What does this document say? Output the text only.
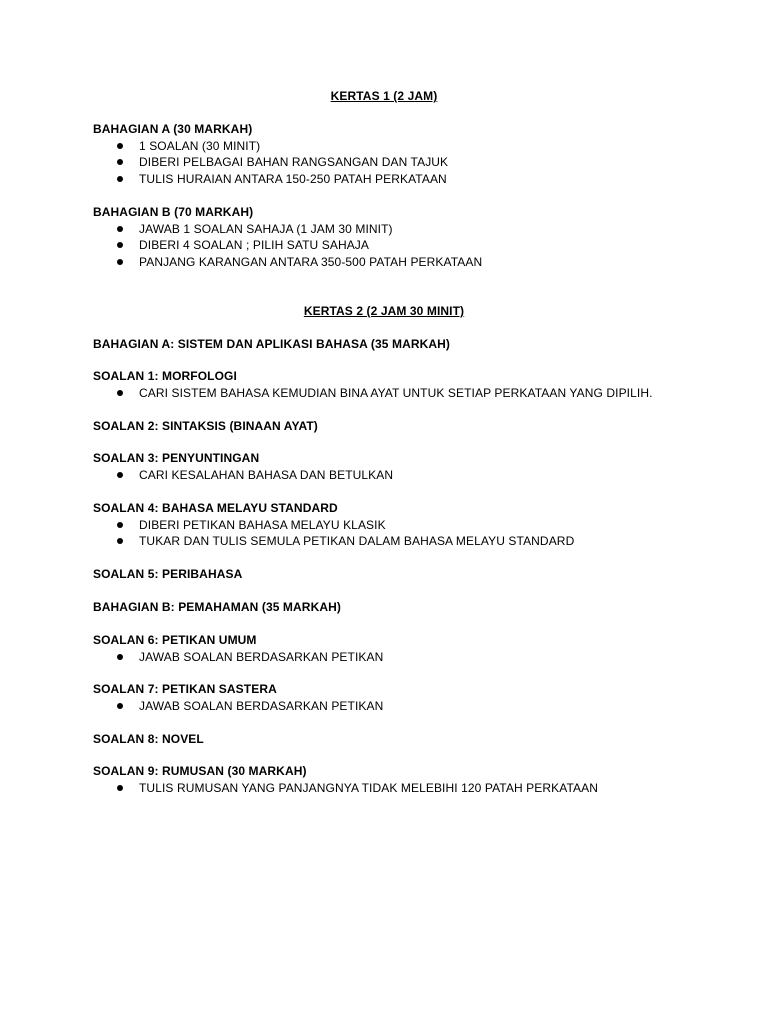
KERTAS 1 (2 JAM)

BAHAGIAN A (30 MARKAH)

1 SOALAN (30 MINIT)
DIBERI PELBAGAI BAHAN RANGSANGAN DAN TAJUK
TULIS HURAIAN ANTARA 150-250 PATAH PERKATAAN

BAHAGIAN B (70 MARKAH)

JAWAB 1 SOALAN SAHAJA (1 JAM 30 MINIT)
DIBERI 4 SOALAN ; PILIH SATU SAHAJA
PANJANG KARANGAN ANTARA 350-500 PATAH PERKATAAN
KERTAS 2 (2 JAM 30 MINIT)

BAHAGIAN A: SISTEM DAN APLIKASI BAHASA (35 MARKAH)

SOALAN 1: MORFOLOGI

CARI SISTEM BAHASA KEMUDIAN BINA AYAT UNTUK SETIAP PERKATAAN YANG DIPILIH.

SOALAN 2: SINTAKSIS (BINAAN AYAT)

SOALAN 3: PENYUNTINGAN

CARI KESALAHAN BAHASA DAN BETULKAN

SOALAN 4: BAHASA MELAYU STANDARD

DIBERI PETIKAN BAHASA MELAYU KLASIK
TUKAR DAN TULIS SEMULA PETIKAN DALAM BAHASA MELAYU STANDARD

SOALAN 5: PERIBAHASA

BAHAGIAN B: PEMAHAMAN (35 MARKAH)

SOALAN 6: PETIKAN UMUM

JAWAB SOALAN BERDASARKAN PETIKAN

SOALAN 7: PETIKAN SASTERA

JAWAB SOALAN BERDASARKAN PETIKAN

SOALAN 8: NOVEL

SOALAN 9: RUMUSAN (30 MARKAH)

TULIS RUMUSAN YANG PANJANGNYA TIDAK MELEBIHI 120 PATAH PERKATAAN
